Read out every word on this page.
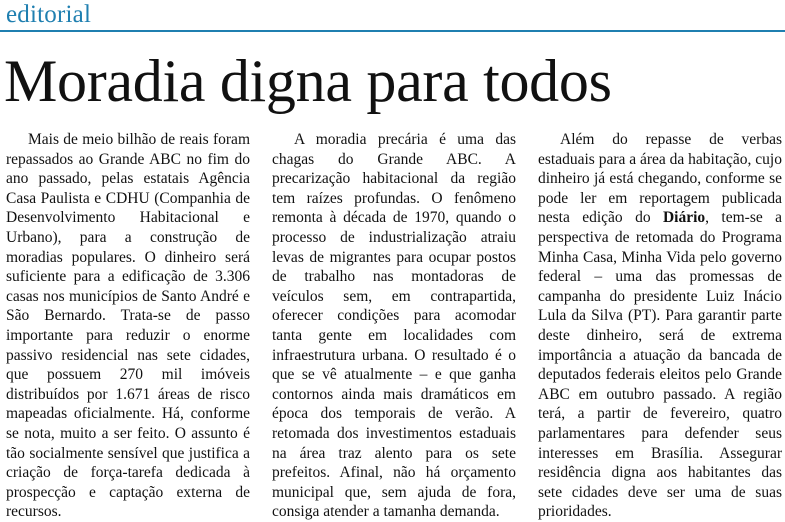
editorial
Moradia digna para todos

Mais de meio bilhão de reais foram repassados ao Grande ABC no fim do ano passado, pelas estatais Agência Casa Paulista e CDHU (Companhia de Desenvolvimento Habitacional e Urbano), para a construção de moradias populares. O dinheiro será suficiente para a edificação de 3.306 casas nos municípios de Santo André e São Bernardo. Trata-se de passo importante para reduzir o enorme passivo residencial nas sete cidades, que possuem 270 mil imóveis distribuídos por 1.671 áreas de risco mapeadas oficialmente. Há, conforme se nota, muito a ser feito. O assunto é tão socialmente sensível que justifica a criação de força-tarefa dedicada à prospecção e captação externa de recursos.

A moradia precária é uma das chagas do Grande ABC. A precarização habitacional da região tem raízes profundas. O fenômeno remonta à década de 1970, quando o processo de industrialização atraiu levas de migrantes para ocupar postos de trabalho nas montadoras de veículos sem, em contrapartida, oferecer condições para acomodar tanta gente em localidades com infraestrutura urbana. O resultado é o que se vê atualmente – e que ganha contornos ainda mais dramáticos em época dos temporais de verão. A retomada dos investimentos estaduais na área traz alento para os sete prefeitos. Afinal, não há orçamento municipal que, sem ajuda de fora, consiga atender a tamanha demanda.

Além do repasse de verbas estaduais para a área da habitação, cujo dinheiro já está chegando, conforme se pode ler em reportagem publicada nesta edição do Diário, tem-se a perspectiva de retomada do Programa Minha Casa, Minha Vida pelo governo federal – uma das promessas de campanha do presidente Luiz Inácio Lula da Silva (PT). Para garantir parte deste dinheiro, será de extrema importância a atuação da bancada de deputados federais eleitos pelo Grande ABC em outubro passado. A região terá, a partir de fevereiro, quatro parlamentares para defender seus interesses em Brasília. Assegurar residência digna aos habitantes das sete cidades deve ser uma de suas prioridades.
